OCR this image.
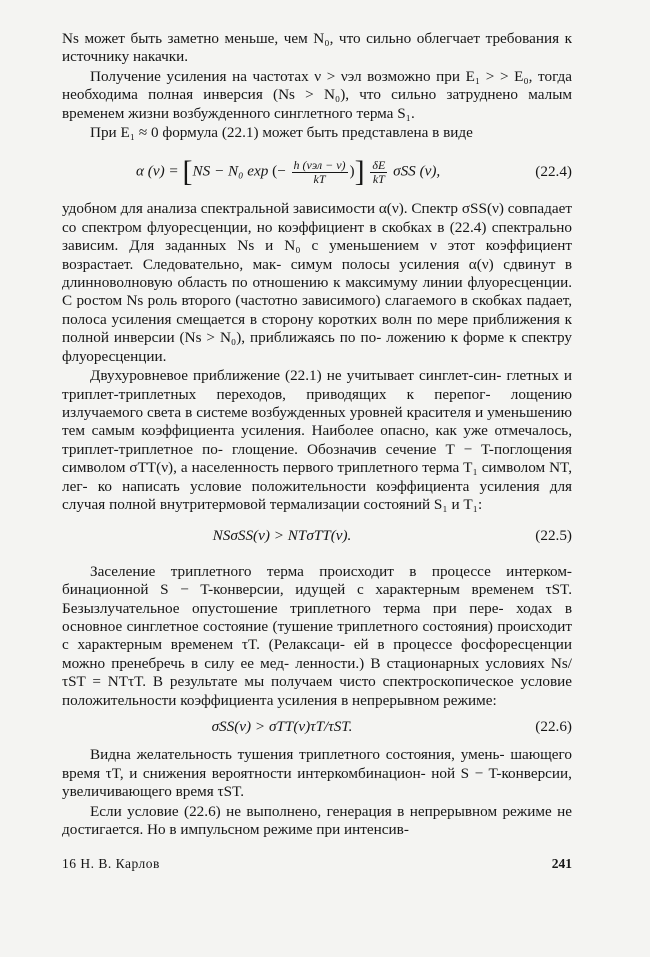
Ns может быть заметно меньше, чем N₀, что сильно облегчает требования к источнику накачки.

Получение усиления на частотах ν > νэл возможно при E₁ > > E₀, тогда необходима полная инверсия (Ns > N₀), что сильно затруднено малым временем жизни возбужденного синглетного терма S₁.

При E₁ ≈ 0 формула (22.1) может быть представлена в виде

α (ν) = [NS − N₀ exp (− $\frac{\text{h (νэл − ν)}}{kT}$ )] $\frac{\delta E}{kT}$ σSS (ν),	(22.4)

удобном для анализа спектральной зависимости α(ν). Спектр σSS(ν) совпадает со спектром флуоресценции, но коэффициент в скобках в (22.4) спектрально зависим. Для заданных Ns и N₀ с уменьшением ν этот коэффициент возрастает. Следовательно, мак- симум полосы усиления α(ν) сдвинут в длинноволновую область по отношению к максимуму линии флуоресценции. С ростом Ns роль второго (частотно зависимого) слагаемого в скобках падает, полоса усиления смещается в сторону коротких волн по мере приближения к полной инверсии (Ns > N₀), приближаясь по по- ложению к форме к спектру флуоресценции.

Двухуровневое приближение (22.1) не учитывает синглет-син- глетных и триплет-триплетных переходов, приводящих к перепог- лощению излучаемого света в системе возбужденных уровней красителя и уменьшению тем самым коэффициента усиления. Наиболее опасно, как уже отмечалось, триплет-триплетное по- глощение. Обозначив сечение T − T-поглощения символом σTT(ν), а населенность первого триплетного терма T₁ символом NT, лег- ко написать условие положительности коэффициента усиления для случая полной внутритермовой термализации состояний S₁ и T₁:

NSσSS(ν) > NTσTT(ν).	(22.5)

Заселение триплетного терма происходит в процессе интерком- бинационной S − T-конверсии, идущей с характерным временем τST. Безызлучательное опустошение триплетного терма при пере- ходах в основное синглетное состояние (тушение триплетного состояния) происходит с характерным временем τT. (Релаксаци- ей в процессе фосфоресценции можно пренебречь в силу ее мед- ленности.) В стационарных условиях Ns/τST = NTτT. В результате мы получаем чисто спектроскопическое условие положительности коэффициента усиления в непрерывном режиме:

σSS(ν) > σTT(ν)τT/τST.	(22.6)

Видна желательность тушения триплетного состояния, умень- шающего время τT, и снижения вероятности интеркомбинацион- ной S − T-конверсии, увеличивающего время τST.

Если условие (22.6) не выполнено, генерация в непрерывном режиме не достигается. Но в импульсном режиме при интенсив-

16 Н. В. Карлов	241
